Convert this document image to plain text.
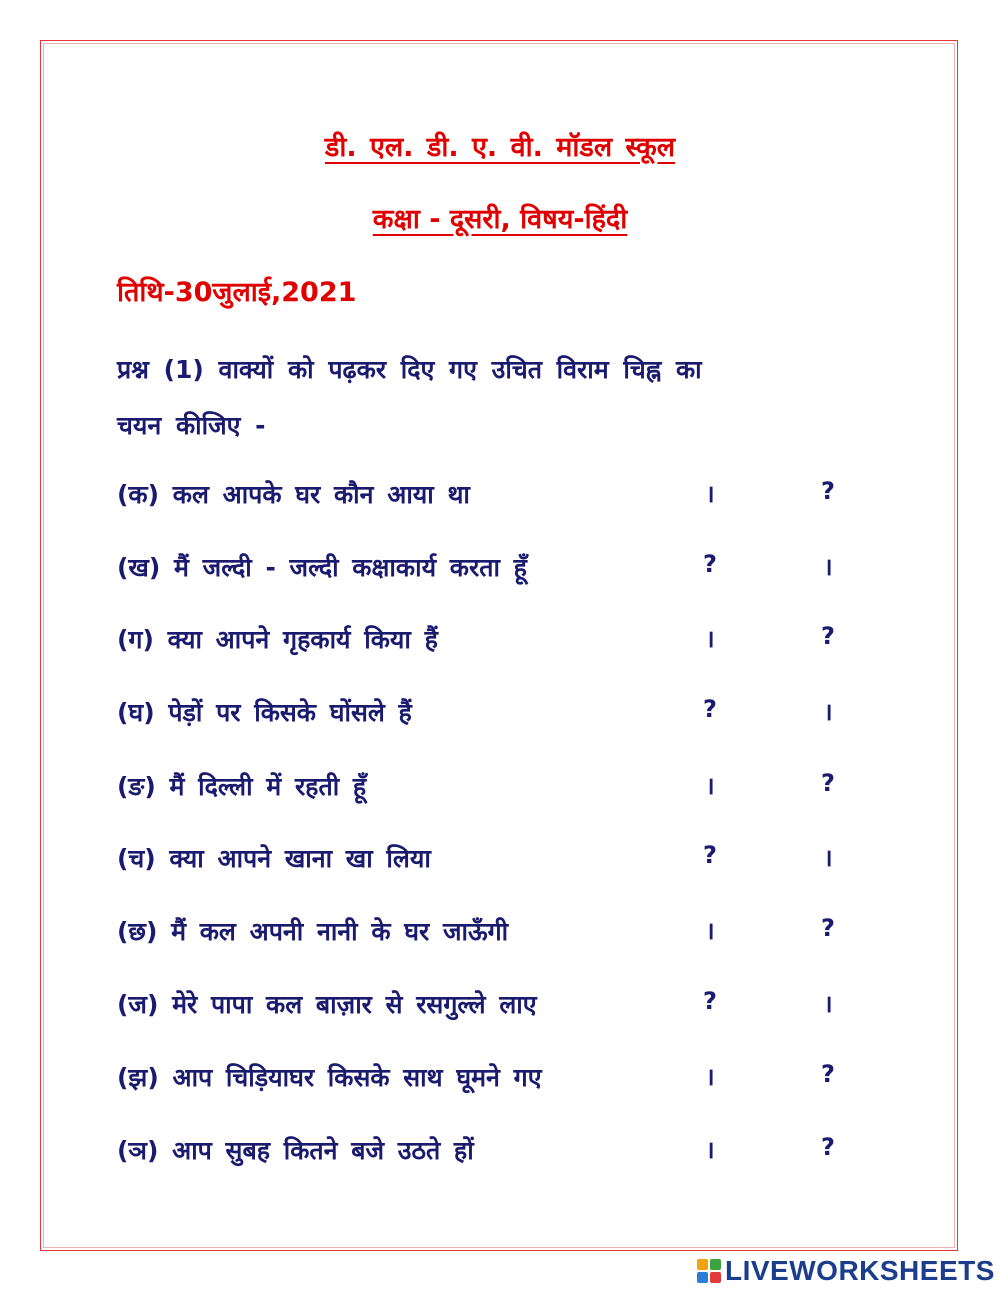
डी. एल. डी. ए. वी. मॉडल स्कूल
कक्षा - दूसरी, विषय-हिंदी
तिथि-30जुलाई,2021
प्रश्न (1) वाक्यों को पढ़कर दिए गए उचित विराम चिह्न का
चयन कीजिए -
(क) कल आपके घर कौन आया था	।	?
(ख) मैं जल्दी - जल्दी कक्षाकार्य करता हूँ	?	।
(ग) क्या आपने गृहकार्य किया हैं	।	?
(घ) पेड़ों पर किसके घोंसले हैं	?	।
(ङ) मैं दिल्ली में रहती हूँ	।	?
(च) क्या आपने खाना खा लिया	?	।
(छ) मैं कल अपनी नानी के घर जाऊँगी	।	?
(ज) मेरे पापा कल बाज़ार से रसगुल्ले लाए	?	।
(झ) आप चिड़ियाघर किसके साथ घूमने गए	।	?
(ञ) आप सुबह कितने बजे उठते हों	।	?
LIVEWORKSHEETS
